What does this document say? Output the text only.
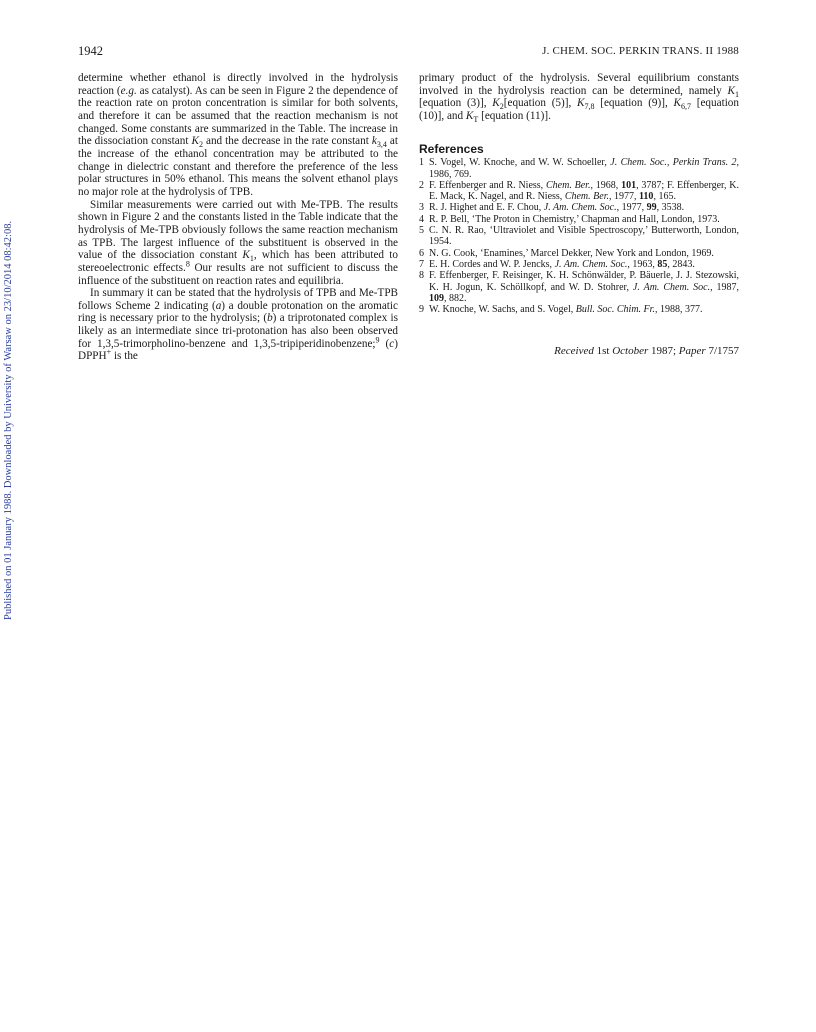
1942	J. CHEM. SOC. PERKIN TRANS. II 1988
Published on 01 January 1988. Downloaded by University of Warsaw on 23/10/2014 08:42:08.

determine whether ethanol is directly involved in the hydrolysis reaction (e.g. as catalyst). As can be seen in Figure 2 the dependence of the reaction rate on proton concentration is similar for both solvents, and therefore it can be assumed that the reaction mechanism is not changed. Some constants are summarized in the Table. The increase in the dissociation constant $K_2$ and the decrease in the rate constant $k_{3,4}$ at the increase of the ethanol concentration may be attributed to the change in dielectric constant and therefore the preference of the less polar structures in 50% ethanol. This means the solvent ethanol plays no major role at the hydrolysis of TPB.

Similar measurements were carried out with Me-TPB. The results shown in Figure 2 and the constants listed in the Table indicate that the hydrolysis of Me-TPB obviously follows the same reaction mechanism as TPB. The largest influence of the substituent is observed in the value of the dissociation constant $K_1$, which has been attributed to stereoelectronic effects.$^8$ Our results are not sufficient to discuss the influence of the substituent on reaction rates and equilibria.

In summary it can be stated that the hydrolysis of TPB and Me-TPB follows Scheme 2 indicating (a) a double protonation on the aromatic ring is necessary prior to the hydrolysis; (b) a triprotonated complex is likely as an intermediate since tri-protonation has also been observed for 1,3,5-trimorpholino-benzene and 1,3,5-tripiperidinobenzene;$^9$ (c) DPPH+ is the

primary product of the hydrolysis. Several equilibrium constants involved in the hydrolysis reaction can be determined, namely $K_1$ [equation (3)], $K_2[equation$ (5)], $K_{7,8}$ [equation (9)], $K_{6,7}$ [equation (10)], and $K_T$ [equation (11)].

References
1 S. Vogel, W. Knoche, and W. W. Schoeller, J. Chem. Soc., Perkin Trans. 2, 1986, 769.
2 F. Effenberger and R. Niess, Chem. Ber., 1968, 101, 3787; F. Effenberger, K. E. Mack, K. Nagel, and R. Niess, Chem. Ber., 1977, 110, 165.
3 R. J. Highet and E. F. Chou, J. Am. Chem. Soc., 1977, 99, 3538.
4 R. P. Bell, ‘The Proton in Chemistry,’ Chapman and Hall, London, 1973.
5 C. N. R. Rao, ‘Ultraviolet and Visible Spectroscopy,’ Butterworth, London, 1954.
6 N. G. Cook, ‘Enamines,’ Marcel Dekker, New York and London, 1969.
7 E. H. Cordes and W. P. Jencks, J. Am. Chem. Soc., 1963, 85, 2843.
8 F. Effenberger, F. Reisinger, K. H. Schönwälder, P. Bäuerle, J. J. Stezowski, K. H. Jogun, K. Schöllkopf, and W. D. Stohrer, J. Am. Chem. Soc., 1987, 109, 882.
9 W. Knoche, W. Sachs, and S. Vogel, Bull. Soc. Chim. Fr., 1988, 377.
Received 1st October 1987; Paper 7/1757
